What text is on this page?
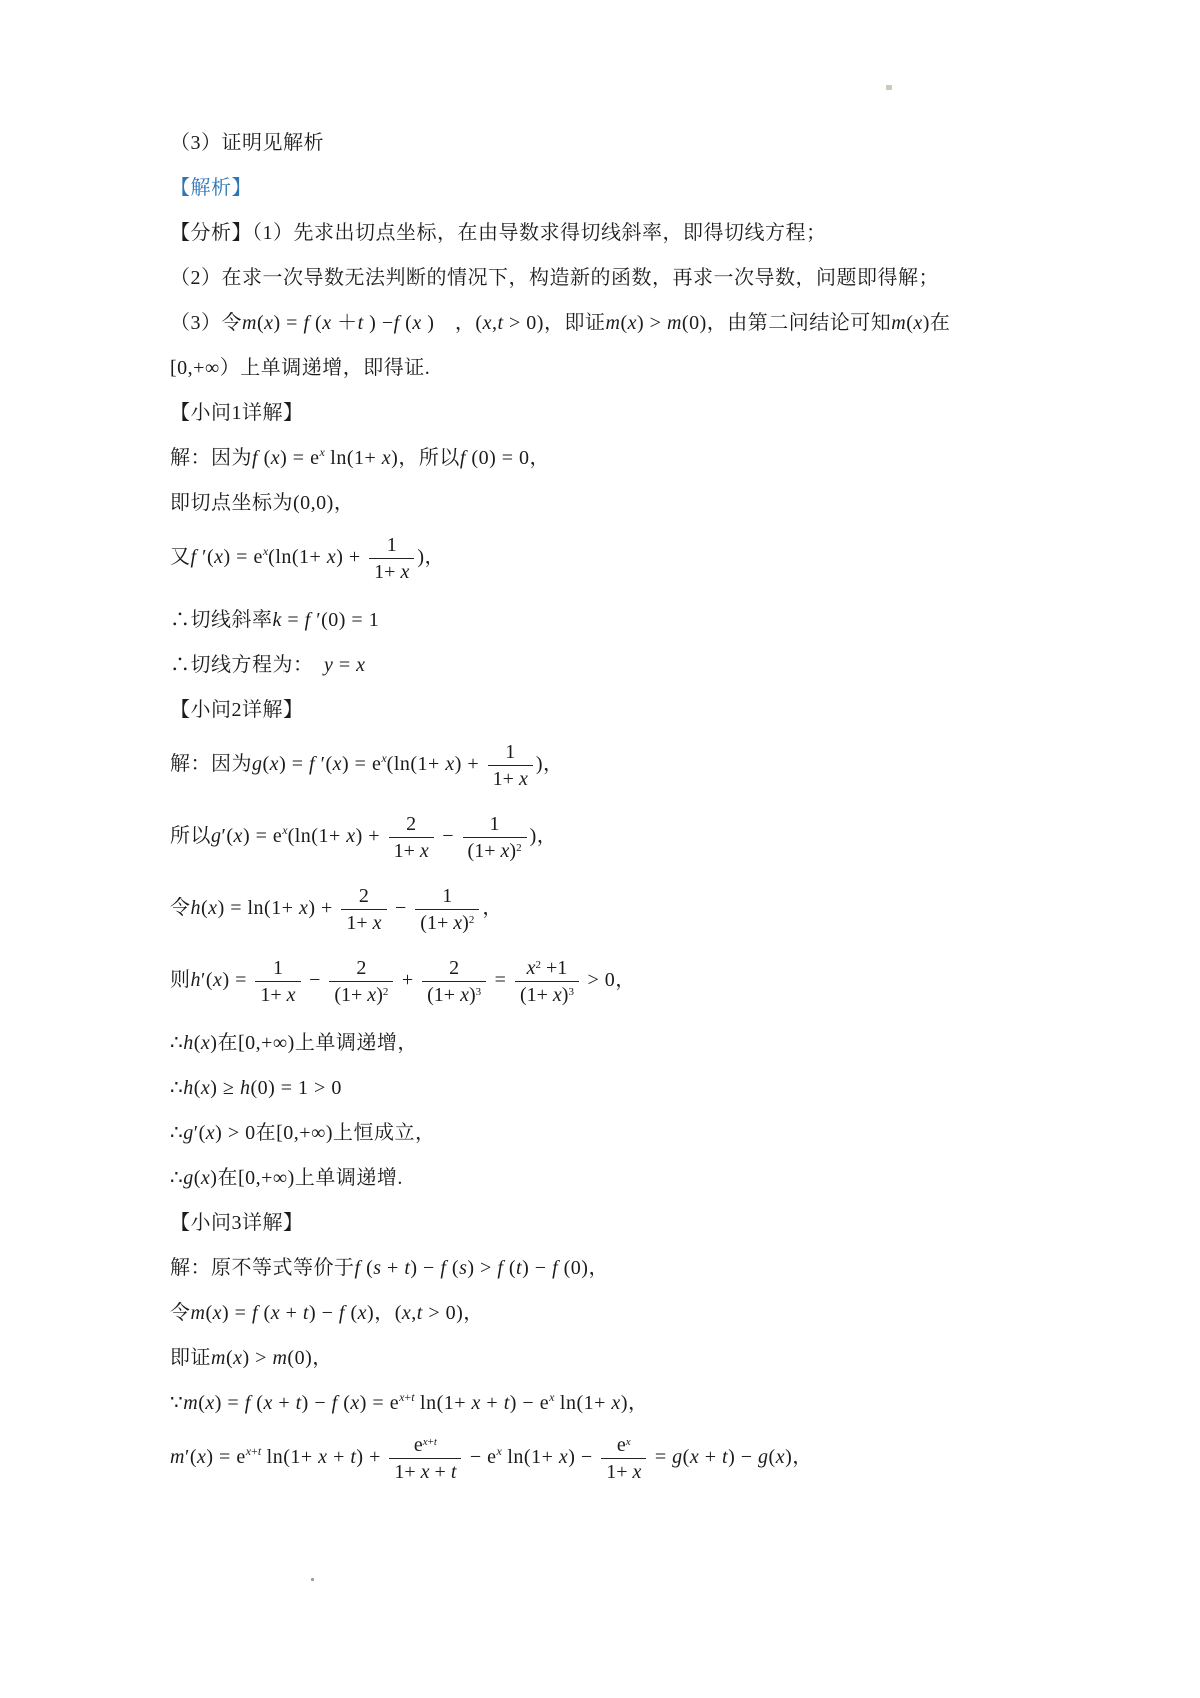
（3）证明见解析
【解析】
【分析】（1）先求出切点坐标，在由导数求得切线斜率，即得切线方程；
（2）在求一次导数无法判断的情况下，构造新的函数，再求一次导数，问题即得解；
（3）令m(x) = f (x ＋t ) −f (x )　，(x,t > 0)，即证m(x) > m(0)，由第二问结论可知m(x)在
[0,+∞）上单调递增，即得证.
【小问1详解】
解：因为f $(x) = e^x$ ln(1+ x)，所以f (0) = 0，
即切点坐标为(0,0)，
又f $'(x) = e^x(\ln(1+ x) + \frac{1}{1+ x}$ )，
∴切线斜率k = f ′(0) = 1
∴切线方程为：　y = x
【小问2详解】
解：因为g(x) = f $'(x) = e^x(\ln(1+ x) + \frac{1}{1+ x}$ )，
所以$g'(x) = e^x(\ln(1+ x) + \frac{2}{1+ x} - \frac{1}{(1+ x)^2}$ )，
令$h(x) = \ln(1+ x) + \frac{2}{1+ x} - \frac{1}{(1+ x)^2}$ ，
则$h'(x) = \frac{1}{1+ x} - \frac{2}{(1+ x)^2} + \frac{2}{(1+ x)^3} = \frac{x^2 +1}{(1+ x)^3} > 0$，
∴h(x)在[0,+∞)上单调递增，
∴h(x) ≥ h(0) = 1 > 0
∴g′(x) > 0在[0,+∞)上恒成立，
∴g(x)在[0,+∞)上单调递增.
【小问3详解】
解：原不等式等价于f (s + t) − f (s) > f (t) − f (0)，
令m(x) = f (x + t) − f (x)，(x,t > 0)，
即证m(x) > m(0)，
∵m(x) = f (x + t) − f $(x) = e^{x+t}$ $\ln(1+ x + t) - e^x$ ln(1+ x)，
$m'(x) = e^{x+t}$ $\ln(1+ x + t) + \frac{e^{x+t}}{1+ x + t} - e^x$ $\ln(1+ x) - \frac{e^x}{1+ x} = g(x + t) - g(x)$，
